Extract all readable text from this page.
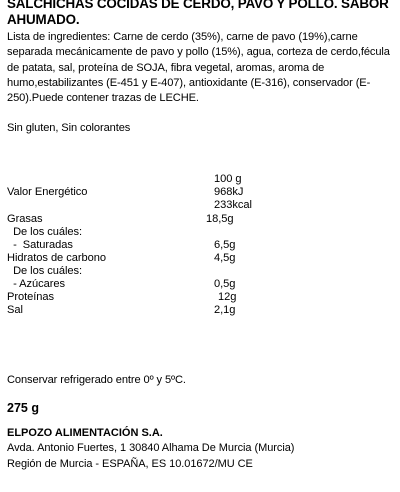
SALCHICHAS COCIDAS DE CERDO, PAVO Y POLLO. SABOR AHUMADO.
Lista de ingredientes: Carne de cerdo (35%), carne de pavo (19%),carne separada mecánicamente de pavo y pollo (15%), agua, corteza de cerdo,fécula de patata, sal, proteína de SOJA, fibra vegetal, aromas, aroma de humo,estabilizantes (E-451 y E-407), antioxidante (E-316), conservador (E-250).Puede contener trazas de LECHE.
Sin gluten, Sin colorantes
100 g
Valor Energético	968kJ
233kcal
Grasas	18,5g
De los cuáles:
-  Saturadas	6,5g
Hidratos de carbono	4,5g
De los cuáles:
- Azúcares	0,5g
Proteínas	12g
Sal	2,1g
Conservar refrigerado entre 0º y 5ºC.
275 g
ELPOZO ALIMENTACIÓN S.A.
Avda. Antonio Fuertes, 1 30840 Alhama De Murcia (Murcia)
Región de Murcia - ESPAÑA, ES 10.01672/MU CE
